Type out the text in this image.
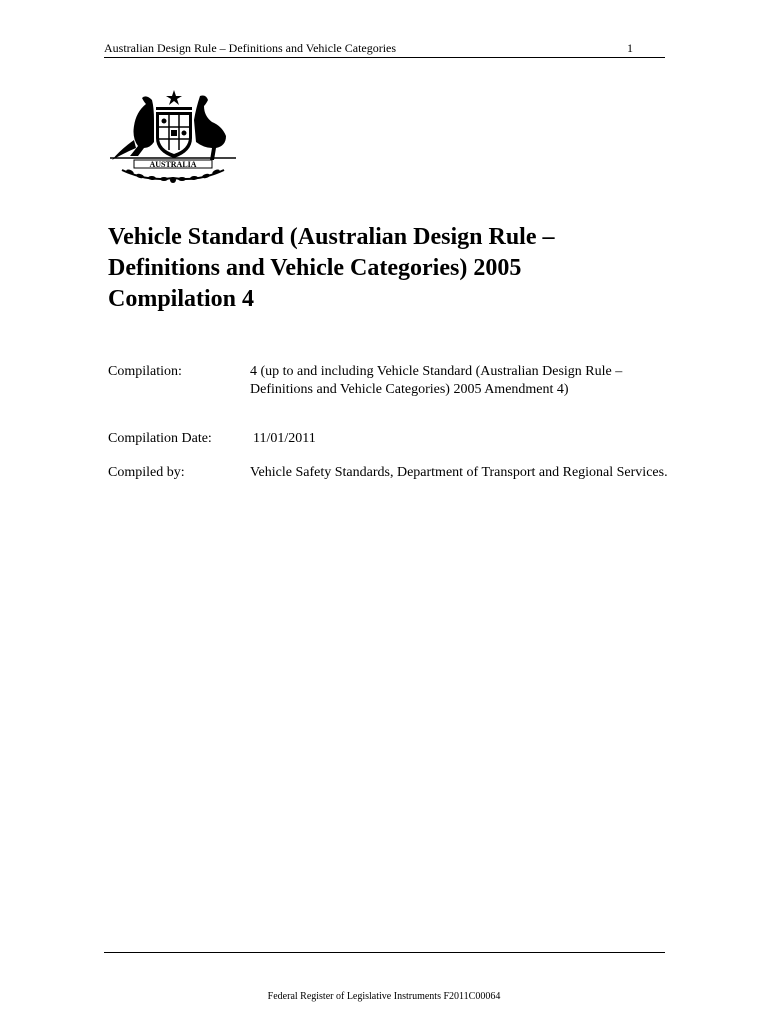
Australian Design Rule – Definitions and Vehicle Categories	1
AUSTRALIA
Vehicle Standard (Australian Design Rule –
Definitions and Vehicle Categories) 2005
Compilation 4
Compilation:	4 (up to and including Vehicle Standard (Australian Design Rule – Definitions and Vehicle Categories) 2005 Amendment 4)
Compilation Date:	11/01/2011
Compiled by:	Vehicle Safety Standards, Department of Transport and Regional Services.
Federal Register of Legislative Instruments F2011C00064
